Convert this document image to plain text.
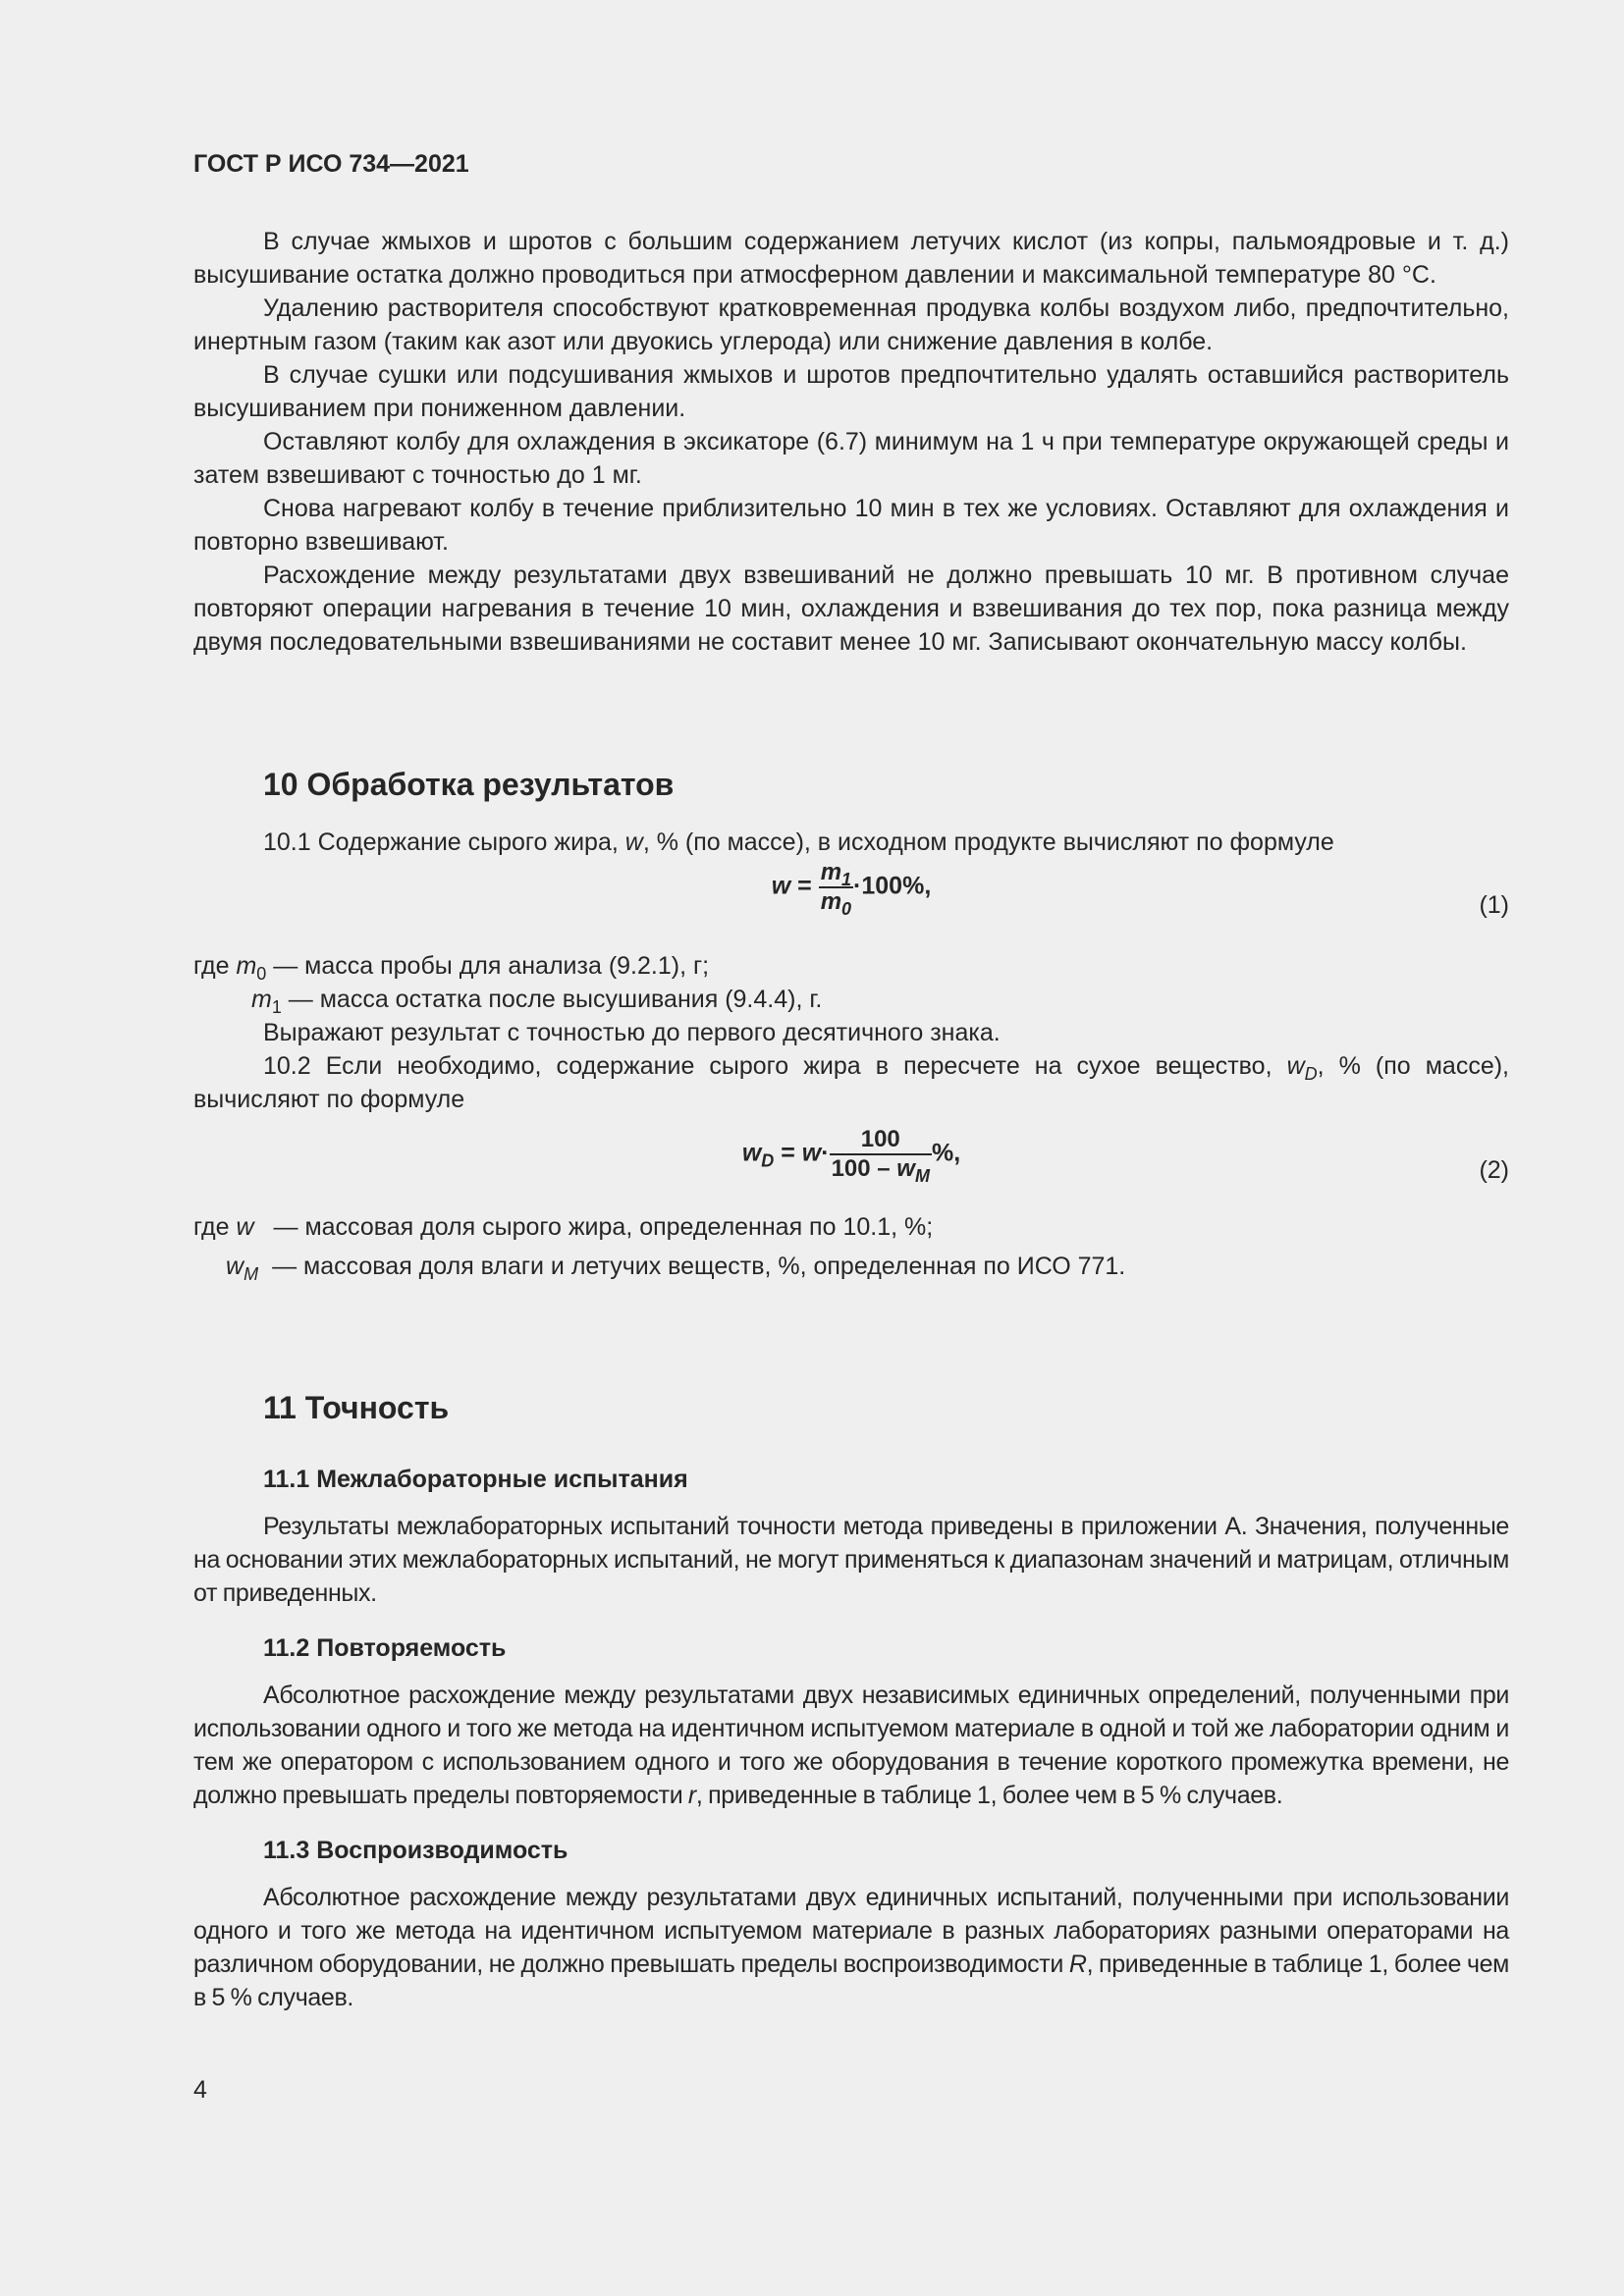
ГОСТ Р ИСО 734—2021

В случае жмыхов и шротов с большим содержанием летучих кислот (из копры, пальмоядровые и т. д.) высушивание остатка должно проводиться при атмосферном давлении и максимальной температуре 80 °С.

Удалению растворителя способствуют кратковременная продувка колбы воздухом либо, предпочтительно, инертным газом (таким как азот или двуокись углерода) или снижение давления в колбе.

В случае сушки или подсушивания жмыхов и шротов предпочтительно удалять оставшийся растворитель высушиванием при пониженном давлении.

Оставляют колбу для охлаждения в эксикаторе (6.7) минимум на 1 ч при температуре окружающей среды и затем взвешивают с точностью до 1 мг.

Снова нагревают колбу в течение приблизительно 10 мин в тех же условиях. Оставляют для охлаждения и повторно взвешивают.

Расхождение между результатами двух взвешиваний не должно превышать 10 мг. В противном случае повторяют операции нагревания в течение 10 мин, охлаждения и взвешивания до тех пор, пока разница между двумя последовательными взвешиваниями не составит менее 10 мг. Записывают окончательную массу колбы.

10 Обработка результатов

10.1 Содержание сырого жира, w, % (по массе), в исходном продукте вычисляют по формуле

$w = \frac{m_1}{m_0} \cdot 100\%$,
(1)
где $m_0$ — масса пробы для анализа (9.2.1), г;
$m_1$ — масса остатка после высушивания (9.4.4), г.

Выражают результат с точностью до первого десятичного знака.

10.2 Если необходимо, содержание сырого жира в пересчете на сухое вещество, $w_D$, % (по массе), вычисляют по формуле

$w_D = w\cdot \frac{100}{100 - w_M}$ %,
(2)
где w — массовая доля сырого жира, определенная по 10.1, %;
$w_M$ — массовая доля влаги и летучих веществ, %, определенная по ИСО 771.
11 Точность
11.1 Межлабораторные испытания

Результаты межлабораторных испытаний точности метода приведены в приложении А. Значения, полученные на основании этих межлабораторных испытаний, не могут применяться к диапазонам значений и матрицам, отличным от приведенных.

11.2 Повторяемость

Абсолютное расхождение между результатами двух независимых единичных определений, полученными при использовании одного и того же метода на идентичном испытуемом материале в одной и той же лаборатории одним и тем же оператором с использованием одного и того же оборудования в течение короткого промежутка времени, не должно превышать пределы повторяемости r, приведенные в таблице 1, более чем в 5 % случаев.

11.3 Воспроизводимость

Абсолютное расхождение между результатами двух единичных испытаний, полученными при использовании одного и того же метода на идентичном испытуемом материале в разных лабораториях разными операторами на различном оборудовании, не должно превышать пределы воспроизводимости R, приведенные в таблице 1, более чем в 5 % случаев.

4
